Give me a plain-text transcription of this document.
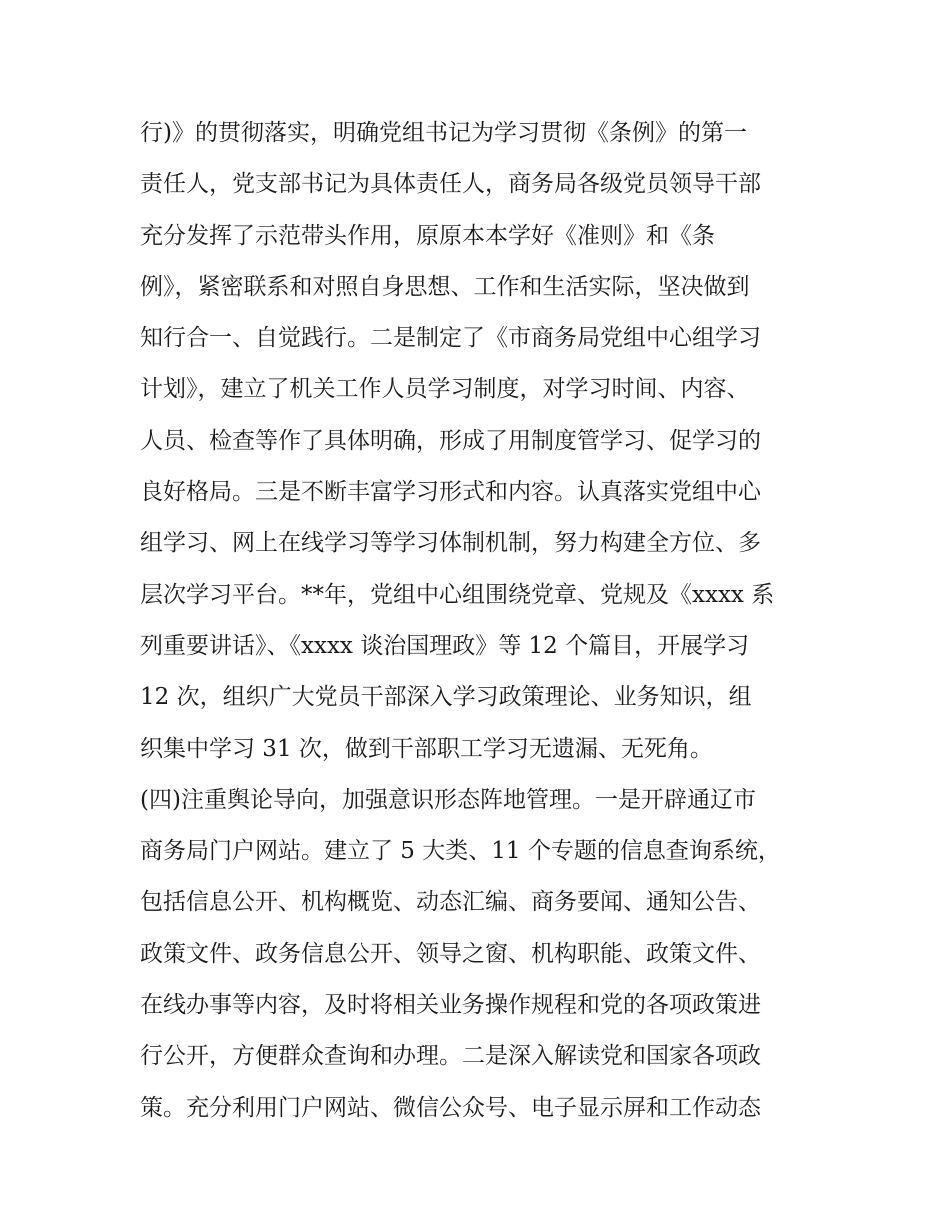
行)》的贯彻落实，明确党组书记为学习贯彻《条例》的第一
责任人，党支部书记为具体责任人，商务局各级党员领导干部
充分发挥了示范带头作用，原原本本学好《准则》和《条
例》，紧密联系和对照自身思想、工作和生活实际，坚决做到
知行合一、自觉践行。二是制定了《市商务局党组中心组学习
计划》，建立了机关工作人员学习制度，对学习时间、内容、
人员、检查等作了具体明确，形成了用制度管学习、促学习的
良好格局。三是不断丰富学习形式和内容。认真落实党组中心
组学习、网上在线学习等学习体制机制，努力构建全方位、多
层次学习平台。**年，党组中心组围绕党章、党规及《xxxx 系
列重要讲话》、《xxxx 谈治国理政》等 12 个篇目，开展学习
12 次，组织广大党员干部深入学习政策理论、业务知识，组
织集中学习 31 次，做到干部职工学习无遗漏、无死角。
(四)注重舆论导向，加强意识形态阵地管理。一是开辟通辽市
商务局门户网站。建立了 5 大类、11 个专题的信息查询系统，
包括信息公开、机构概览、动态汇编、商务要闻、通知公告、
政策文件、政务信息公开、领导之窗、机构职能、政策文件、
在线办事等内容，及时将相关业务操作规程和党的各项政策进
行公开，方便群众查询和办理。二是深入解读党和国家各项政
策。充分利用门户网站、微信公众号、电子显示屏和工作动态
